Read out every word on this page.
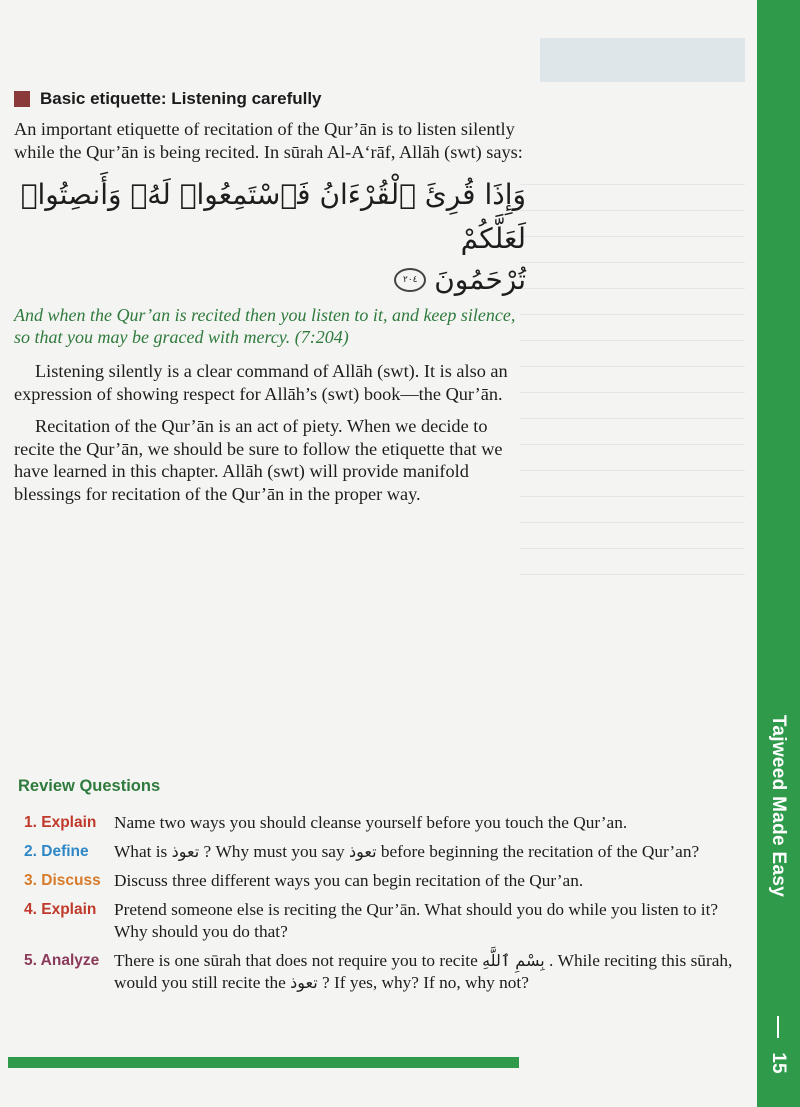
Basic etiquette: Listening carefully

An important etiquette of recitation of the Qur’ān is to listen silently while the Qur’ān is being recited. In sūrah Al-A‘rāf, Allāh (swt) says:

وَإِذَا قُرِئَ ٱلْقُرْءَانُ فَٱسْتَمِعُوا۟ لَهُۥ وَأَنصِتُوا۟ لَعَلَّكُمْ
تُرْحَمُونَ
٢٠٤

And when the Qur’an is recited then you listen to it, and keep silence, so that you may be graced with mercy. (7:204)

Listening silently is a clear command of Allāh (swt). It is also an expression of showing respect for Allāh’s (swt) book—the Qur’ān.

Recitation of the Qur’ān is an act of piety. When we decide to recite the Qur’ān, we should be sure to follow the etiquette that we have learned in this chapter. Allāh (swt) will provide manifold blessings for recitation of the Qur’ān in the proper way.

Review Questions
1. Explain Name two ways you should cleanse yourself before you touch the Qur’an.
2. Define What is تعوذ ? Why must you say تعوذ before beginning the recitation of the Qur’an?
3. Discuss Discuss three different ways you can begin recitation of the Qur’an.
4. Explain Pretend someone else is reciting the Qur’ān. What should you do while you listen to it? Why should you do that?
5. Analyze There is one sūrah that does not require you to recite بِسْمِ ٱللَّهِ . While reciting this sūrah, would you still recite the تعوذ ? If yes, why? If no, why not?
Tajweed Made Easy
15
